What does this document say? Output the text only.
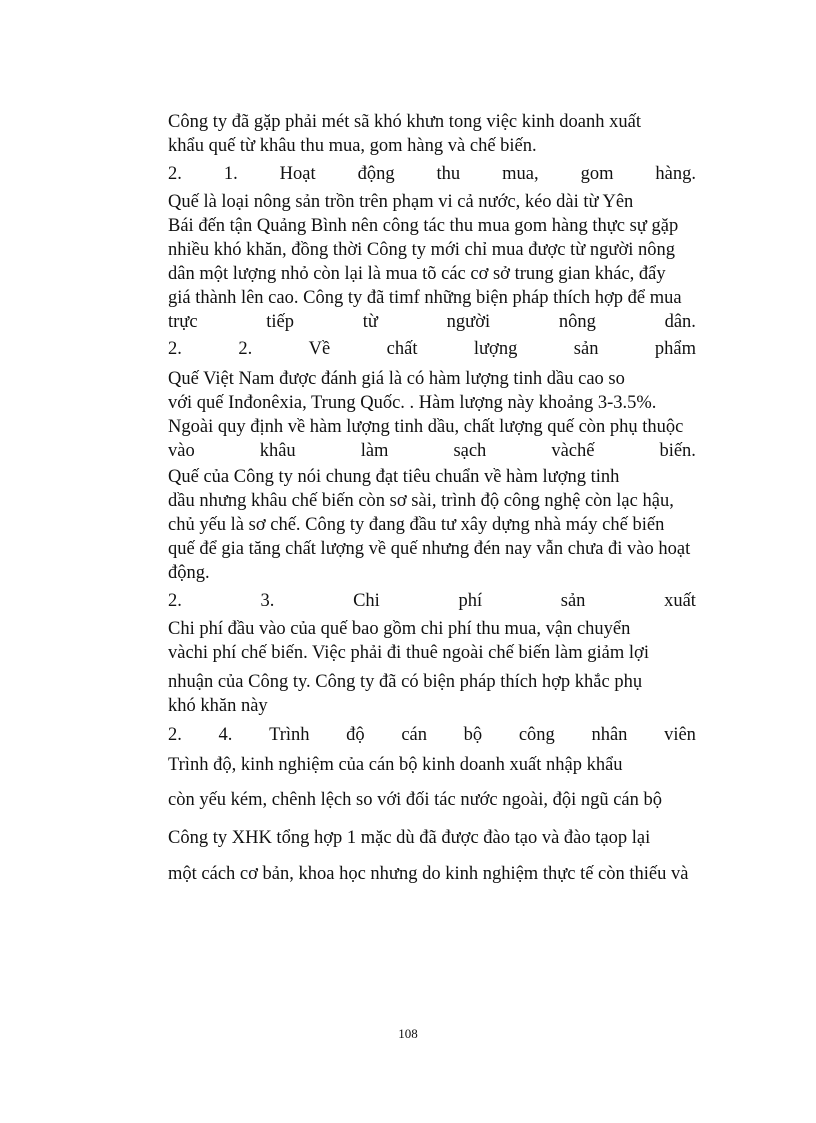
Công ty đã gặp phải mét sã khó khưn tong việc kinh doanh xuất
khẩu quế từ khâu thu mua, gom hàng và chế biến.
2. 1. Hoạt động thu mua, gom hàng.
Quế là loại nông sản trồn trên phạm vi cả nước, kéo dài từ Yên
Bái đến tận Quảng Bình nên công tác thu mua gom hàng thực sự gặp
nhiều khó khăn, đồng thời Công ty mới chỉ mua được từ người nông
dân một lượng nhỏ còn lại là mua tõ các cơ sở trung gian khác, đẩy
giá thành lên cao. Công ty đã timf những biện pháp thích hợp để mua
trực	tiếp	từ	người	nông	dân.
2.	2.	Về	chất	lượng	sản	phẩm
Quế Việt Nam được đánh giá là có hàm lượng tinh dầu cao so
với quế Inđonêxia, Trung Quốc. . Hàm lượng này khoảng 3-3.5%.
Ngoài quy định về hàm lượng tinh dầu, chất lượng quế còn phụ thuộc
vào	khâu	làm	sạch	vàchế	biến.
Quế của Công ty nói chung đạt tiêu chuẩn về hàm lượng tinh
dầu nhưng khâu chế biến còn sơ sài, trình độ công nghệ còn lạc hậu,
chủ yếu là sơ chế. Công ty đang đầu tư xây dựng nhà máy chế biến
quế để gia tăng chất lượng về quế nhưng đén nay vẫn chưa đi vào hoạt
động.
2.	3.	Chi	phí	sản	xuất
Chi phí đầu vào của quế bao gồm chi phí thu mua, vận chuyển
vàchi phí chế biến. Việc phải đi thuê ngoài chế biến làm giảm lợi
nhuận của Công ty. Công ty đã có biện pháp thích hợp khắc phụ
khó khăn này
2. 4. Trình độ cán bộ công nhân viên
Trình độ, kinh nghiệm của cán bộ kinh doanh xuất nhập khẩu
còn yếu kém, chênh lệch so với đối tác nước ngoài, đội ngũ cán bộ
Công ty XHK tổng hợp 1 mặc dù đã được đào tạo và đào tạop lại
một cách cơ bản, khoa học nhưng do kinh nghiệm thực tế còn thiếu và
108
